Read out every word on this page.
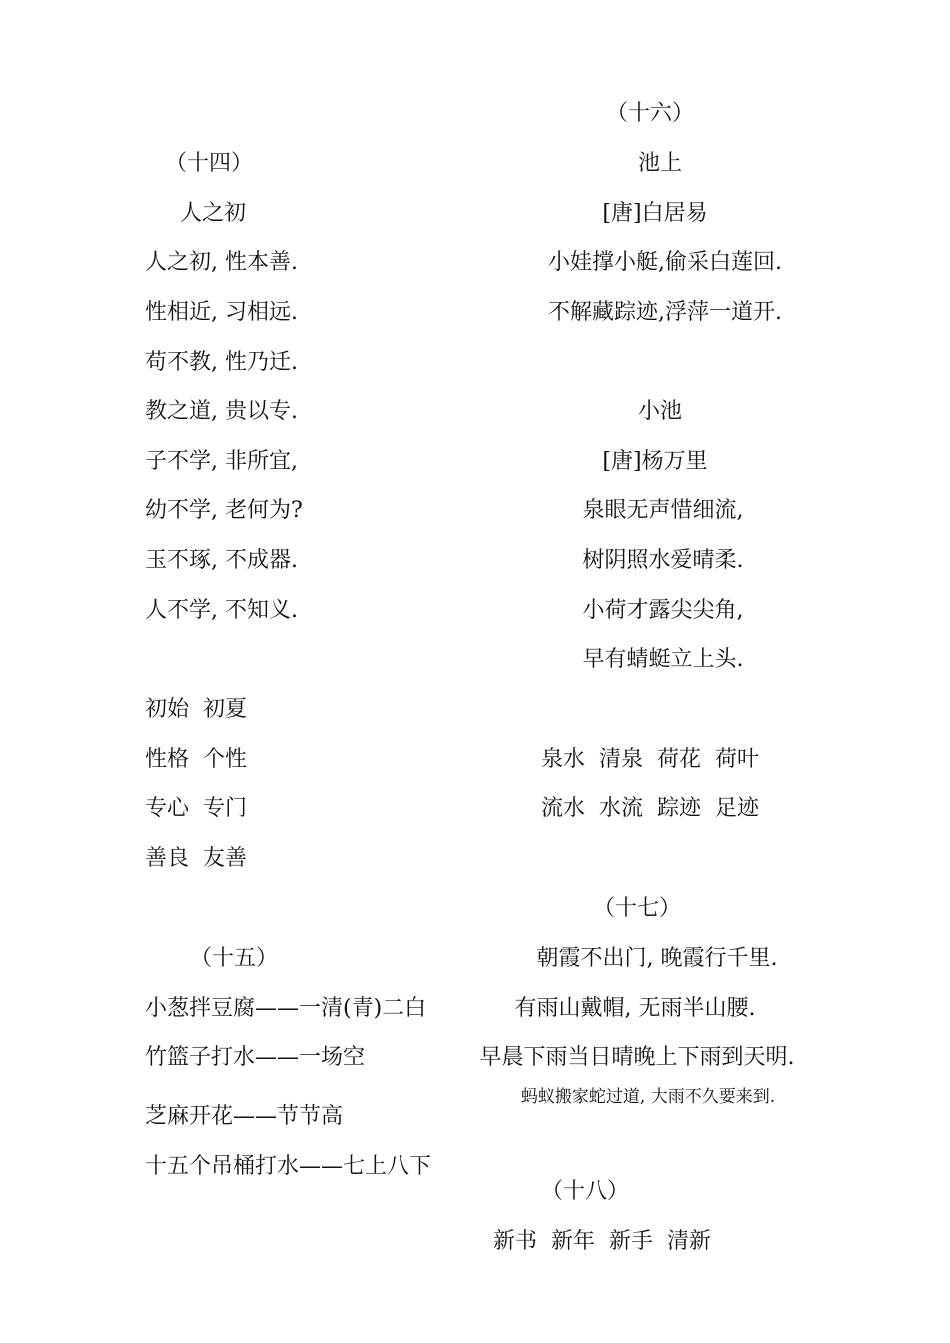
（十四）
人之初
人之初, 性本善.
性相近, 习相远.
苟不教, 性乃迁.
教之道, 贵以专.
子不学, 非所宜,
幼不学, 老何为?
玉不琢, 不成器.
人不学, 不知义.
初始  初夏
性格  个性
专心  专门
善良  友善
（十五）
小葱拌豆腐——一清(青)二白
竹篮子打水——一场空
芝麻开花——节节高
十五个吊桶打水——七上八下
（十六）
池上
[唐]白居易
小娃撑小艇,偷采白莲回.
不解藏踪迹,浮萍一道开.
小池
[唐]杨万里
泉眼无声惜细流,
树阴照水爱晴柔.
小荷才露尖尖角,
早有蜻蜓立上头.
泉水  清泉  荷花  荷叶
流水  水流  踪迹  足迹
（十七）
朝霞不出门, 晚霞行千里.
有雨山戴帽, 无雨半山腰.
早晨下雨当日晴晚上下雨到天明.
蚂蚁搬家蛇过道, 大雨不久要来到.
（十八）
新书  新年  新手  清新
